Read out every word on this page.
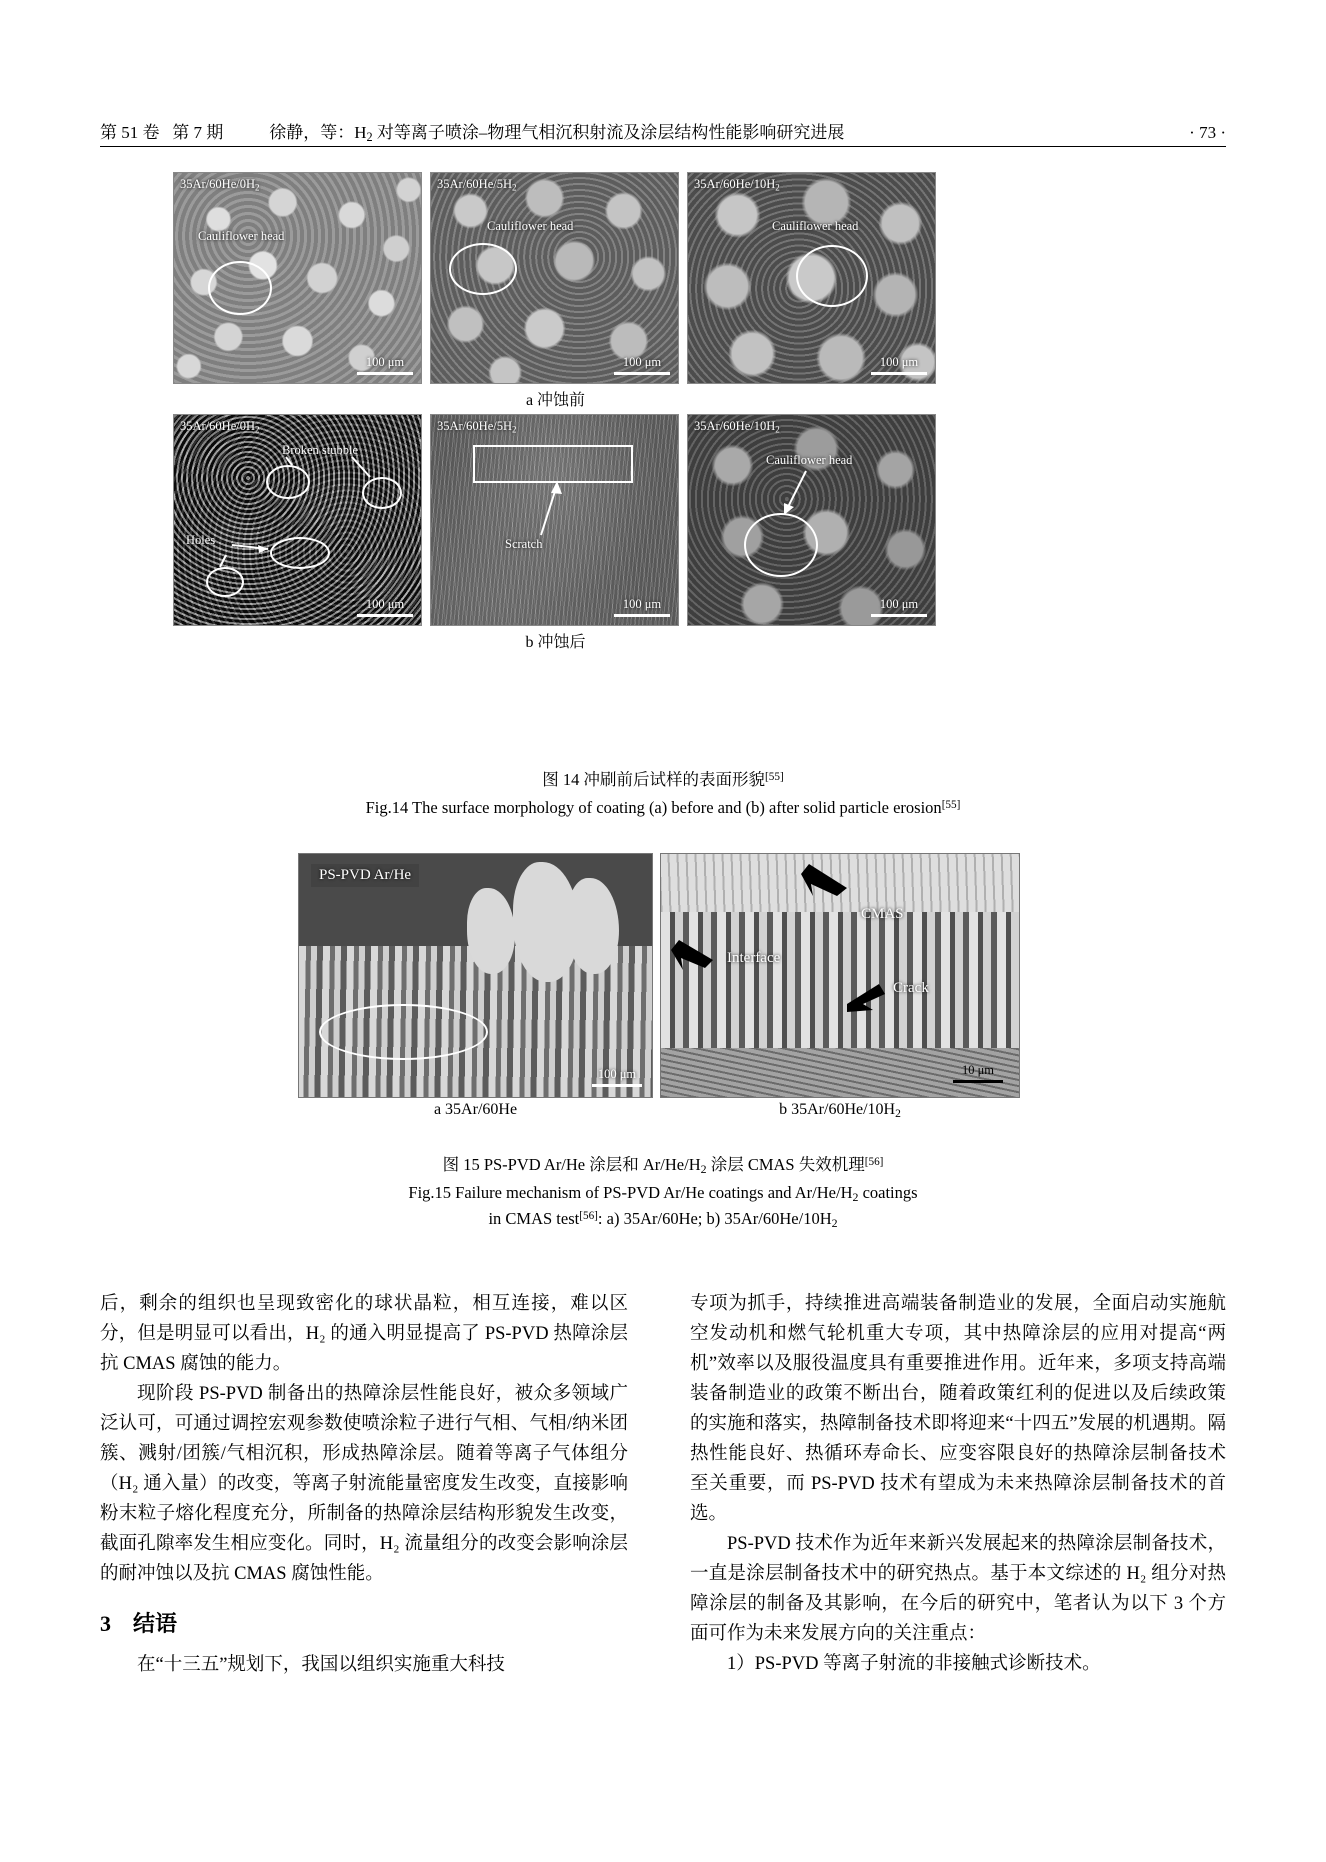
第 51 卷   第 7 期	徐静，等：$H_2$ 对等离子喷涂–物理气相沉积射流及涂层结构性能影响研究进展	· 73 ·
$35Ar/60He/0H_2$
Cauliflower head
100 μm
$35Ar/60He/5H_2$
Cauliflower head
100 μm
$35Ar/60He/10H_2$
Cauliflower head
100 μm
a 冲蚀前
$35Ar/60He/0H_2$
Broken stubble
Holes
100 μm
$35Ar/60He/5H_2$
Scratch
100 μm
$35Ar/60He/10H_2$
Cauliflower head
100 μm
b 冲蚀后
图 14 冲刷前后试样的表面形貌[55]
Fig.14 The surface morphology of coating (a) before and (b) after solid particle erosion[55]
PS-PVD Ar/He
100 μm
CMAS
Interface
Crack
10 μm
a 35Ar/60He	b $35Ar/60He/10H_2$
图 15 PS-PVD Ar/He 涂层和 $Ar/He/H_2$ 涂层 CMAS 失效机理[56]
Fig.15 Failure mechanism of PS-PVD Ar/He coatings and $Ar/He/H_2$ coatings
in CMAS test[56]: a) 35Ar/60He; b) $35Ar/60He/10H_2$

后，剩余的组织也呈现致密化的球状晶粒，相互连接，难以区分，但是明显可以看出，H₂ 的通入明显提高了 PS-PVD 热障涂层抗 CMAS 腐蚀的能力。

现阶段 PS-PVD 制备出的热障涂层性能良好，被众多领域广泛认可，可通过调控宏观参数使喷涂粒子进行气相、气相/纳米团簇、溅射/团簇/气相沉积，形成热障涂层。随着等离子气体组分（H₂ 通入量）的改变，等离子射流能量密度发生改变，直接影响粉末粒子熔化程度充分，所制备的热障涂层结构形貌发生改变，截面孔隙率发生相应变化。同时，H₂ 流量组分的改变会影响涂层的耐冲蚀以及抗 CMAS 腐蚀性能。

3 结语

在“十三五”规划下，我国以组织实施重大科技

专项为抓手，持续推进高端装备制造业的发展，全面启动实施航空发动机和燃气轮机重大专项，其中热障涂层的应用对提高“两机”效率以及服役温度具有重要推进作用。近年来，多项支持高端装备制造业的政策不断出台，随着政策红利的促进以及后续政策的实施和落实，热障制备技术即将迎来“十四五”发展的机遇期。隔热性能良好、热循环寿命长、应变容限良好的热障涂层制备技术至关重要，而 PS-PVD 技术有望成为未来热障涂层制备技术的首选。

PS-PVD 技术作为近年来新兴发展起来的热障涂层制备技术，一直是涂层制备技术中的研究热点。基于本文综述的 H₂ 组分对热障涂层的制备及其影响，在今后的研究中，笔者认为以下 3 个方面可作为未来发展方向的关注重点：

1）PS-PVD 等离子射流的非接触式诊断技术。
